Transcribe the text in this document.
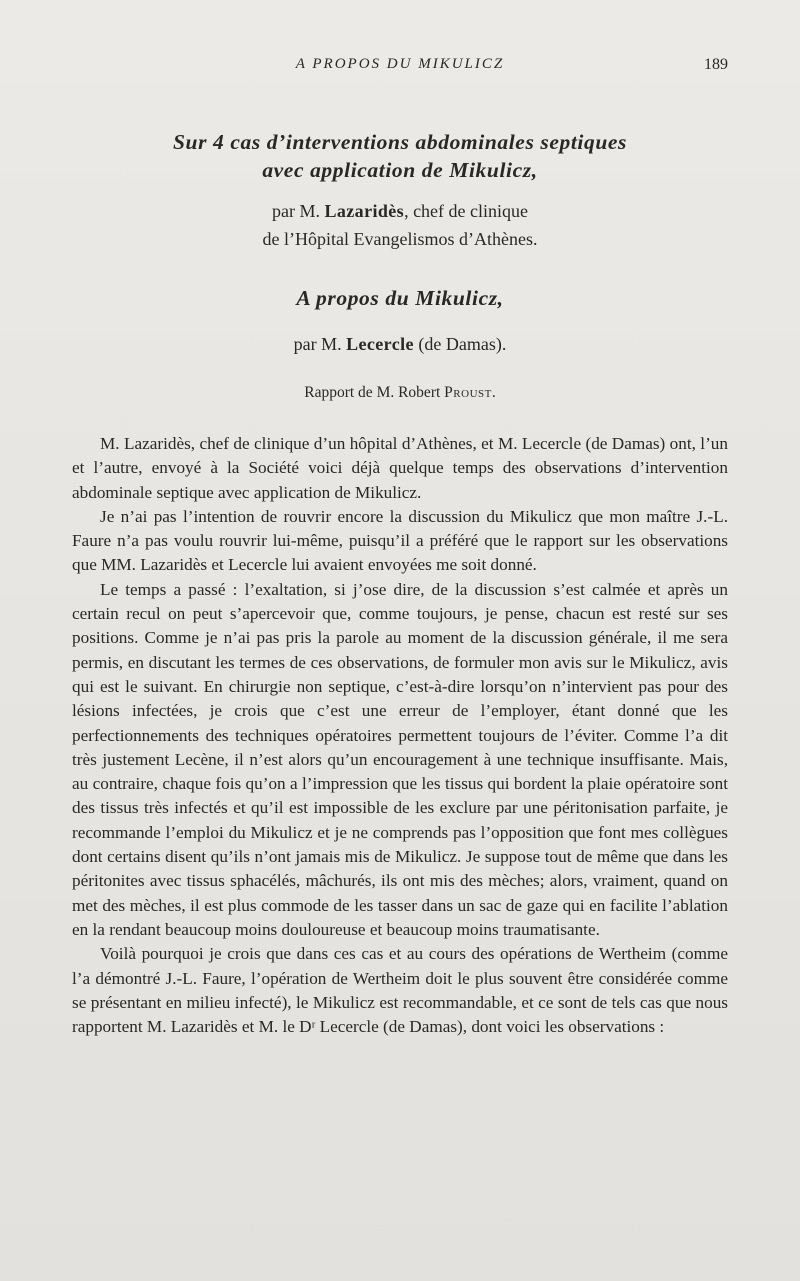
A PROPOS DU MIKULICZ	189
Sur 4 cas d’interventions abdominales septiques
avec application de Mikulicz,
par M. Lazaridès, chef de clinique
de l’Hôpital Evangelismos d’Athènes.
A propos du Mikulicz,
par M. Lecercle (de Damas).
Rapport de M. Robert Proust.

M. Lazaridès, chef de clinique d’un hôpital d’Athènes, et M. Lecercle (de Damas) ont, l’un et l’autre, envoyé à la Société voici déjà quelque temps des observations d’intervention abdominale septique avec application de Mikulicz.

Je n’ai pas l’intention de rouvrir encore la discussion du Mikulicz que mon maître J.-L. Faure n’a pas voulu rouvrir lui-même, puisqu’il a préféré que le rapport sur les observations que MM. Lazaridès et Lecercle lui avaient envoyées me soit donné.

Le temps a passé : l’exaltation, si j’ose dire, de la discussion s’est calmée et après un certain recul on peut s’apercevoir que, comme toujours, je pense, chacun est resté sur ses positions. Comme je n’ai pas pris la parole au moment de la discussion générale, il me sera permis, en discutant les termes de ces observations, de formuler mon avis sur le Mikulicz, avis qui est le suivant. En chirurgie non septique, c’est-à-dire lorsqu’on n’intervient pas pour des lésions infectées, je crois que c’est une erreur de l’employer, étant donné que les perfectionnements des techniques opératoires permettent toujours de l’éviter. Comme l’a dit très justement Lecène, il n’est alors qu’un encouragement à une technique insuffisante. Mais, au contraire, chaque fois qu’on a l’impression que les tissus qui bordent la plaie opératoire sont des tissus très infectés et qu’il est impossible de les exclure par une péritonisation parfaite, je recommande l’emploi du Mikulicz et je ne comprends pas l’opposition que font mes collègues dont certains disent qu’ils n’ont jamais mis de Mikulicz. Je suppose tout de même que dans les péritonites avec tissus sphacélés, mâchurés, ils ont mis des mèches; alors, vraiment, quand on met des mèches, il est plus commode de les tasser dans un sac de gaze qui en facilite l’ablation en la rendant beaucoup moins douloureuse et beaucoup moins traumatisante.

Voilà pourquoi je crois que dans ces cas et au cours des opérations de Wertheim (comme l’a démontré J.-L. Faure, l’opération de Wertheim doit le plus souvent être considérée comme se présentant en milieu infecté), le Mikulicz est recommandable, et ce sont de tels cas que nous rapportent M. Lazaridès et M. le Dʳ Lecercle (de Damas), dont voici les observations :
